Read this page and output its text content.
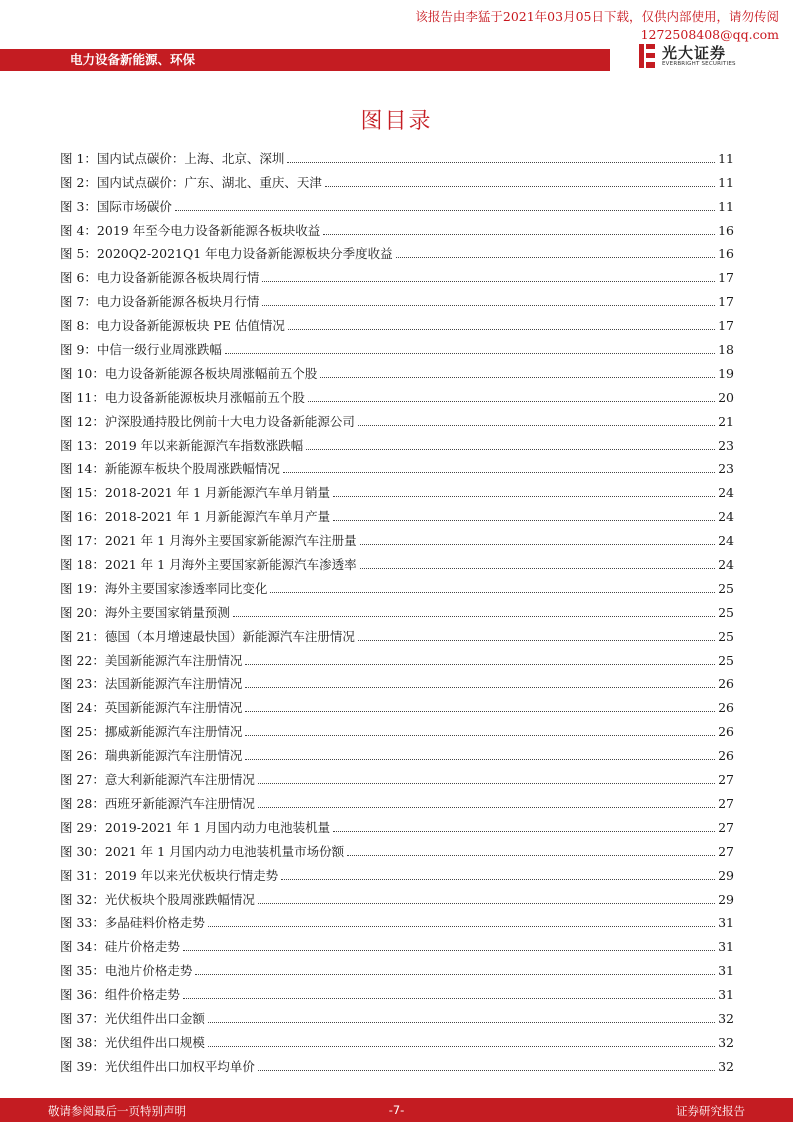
该报告由李猛于2021年03月05日下载，仅供内部使用，请勿传阅
1272508408@qq.com
电力设备新能源、环保	光大证券
EVERBRIGHT SECURITIES
图目录
图 1：国内试点碳价：上海、北京、深圳	11
图 2：国内试点碳价：广东、湖北、重庆、天津	11
图 3：国际市场碳价	11
图 4：2019 年至今电力设备新能源各板块收益	16
图 5：2020Q2-2021Q1 年电力设备新能源板块分季度收益	16
图 6：电力设备新能源各板块周行情	17
图 7：电力设备新能源各板块月行情	17
图 8：电力设备新能源板块 PE 估值情况	17
图 9：中信一级行业周涨跌幅	18
图 10：电力设备新能源各板块周涨幅前五个股	19
图 11：电力设备新能源板块月涨幅前五个股	20
图 12：沪深股通持股比例前十大电力设备新能源公司	21
图 13：2019 年以来新能源汽车指数涨跌幅	23
图 14：新能源车板块个股周涨跌幅情况	23
图 15：2018-2021 年 1 月新能源汽车单月销量	24
图 16：2018-2021 年 1 月新能源汽车单月产量	24
图 17：2021 年 1 月海外主要国家新能源汽车注册量	24
图 18：2021 年 1 月海外主要国家新能源汽车渗透率	24
图 19：海外主要国家渗透率同比变化	25
图 20：海外主要国家销量预测	25
图 21：德国（本月增速最快国）新能源汽车注册情况	25
图 22：美国新能源汽车注册情况	25
图 23：法国新能源汽车注册情况	26
图 24：英国新能源汽车注册情况	26
图 25：挪威新能源汽车注册情况	26
图 26：瑞典新能源汽车注册情况	26
图 27：意大利新能源汽车注册情况	27
图 28：西班牙新能源汽车注册情况	27
图 29：2019-2021 年 1 月国内动力电池装机量	27
图 30：2021 年 1 月国内动力电池装机量市场份额	27
图 31：2019 年以来光伏板块行情走势	29
图 32：光伏板块个股周涨跌幅情况	29
图 33：多晶硅料价格走势	31
图 34：硅片价格走势	31
图 35：电池片价格走势	31
图 36：组件价格走势	31
图 37：光伏组件出口金额	32
图 38：光伏组件出口规模	32
图 39：光伏组件出口加权平均单价	32
敬请参阅最后一页特别声明	-7-	证券研究报告
